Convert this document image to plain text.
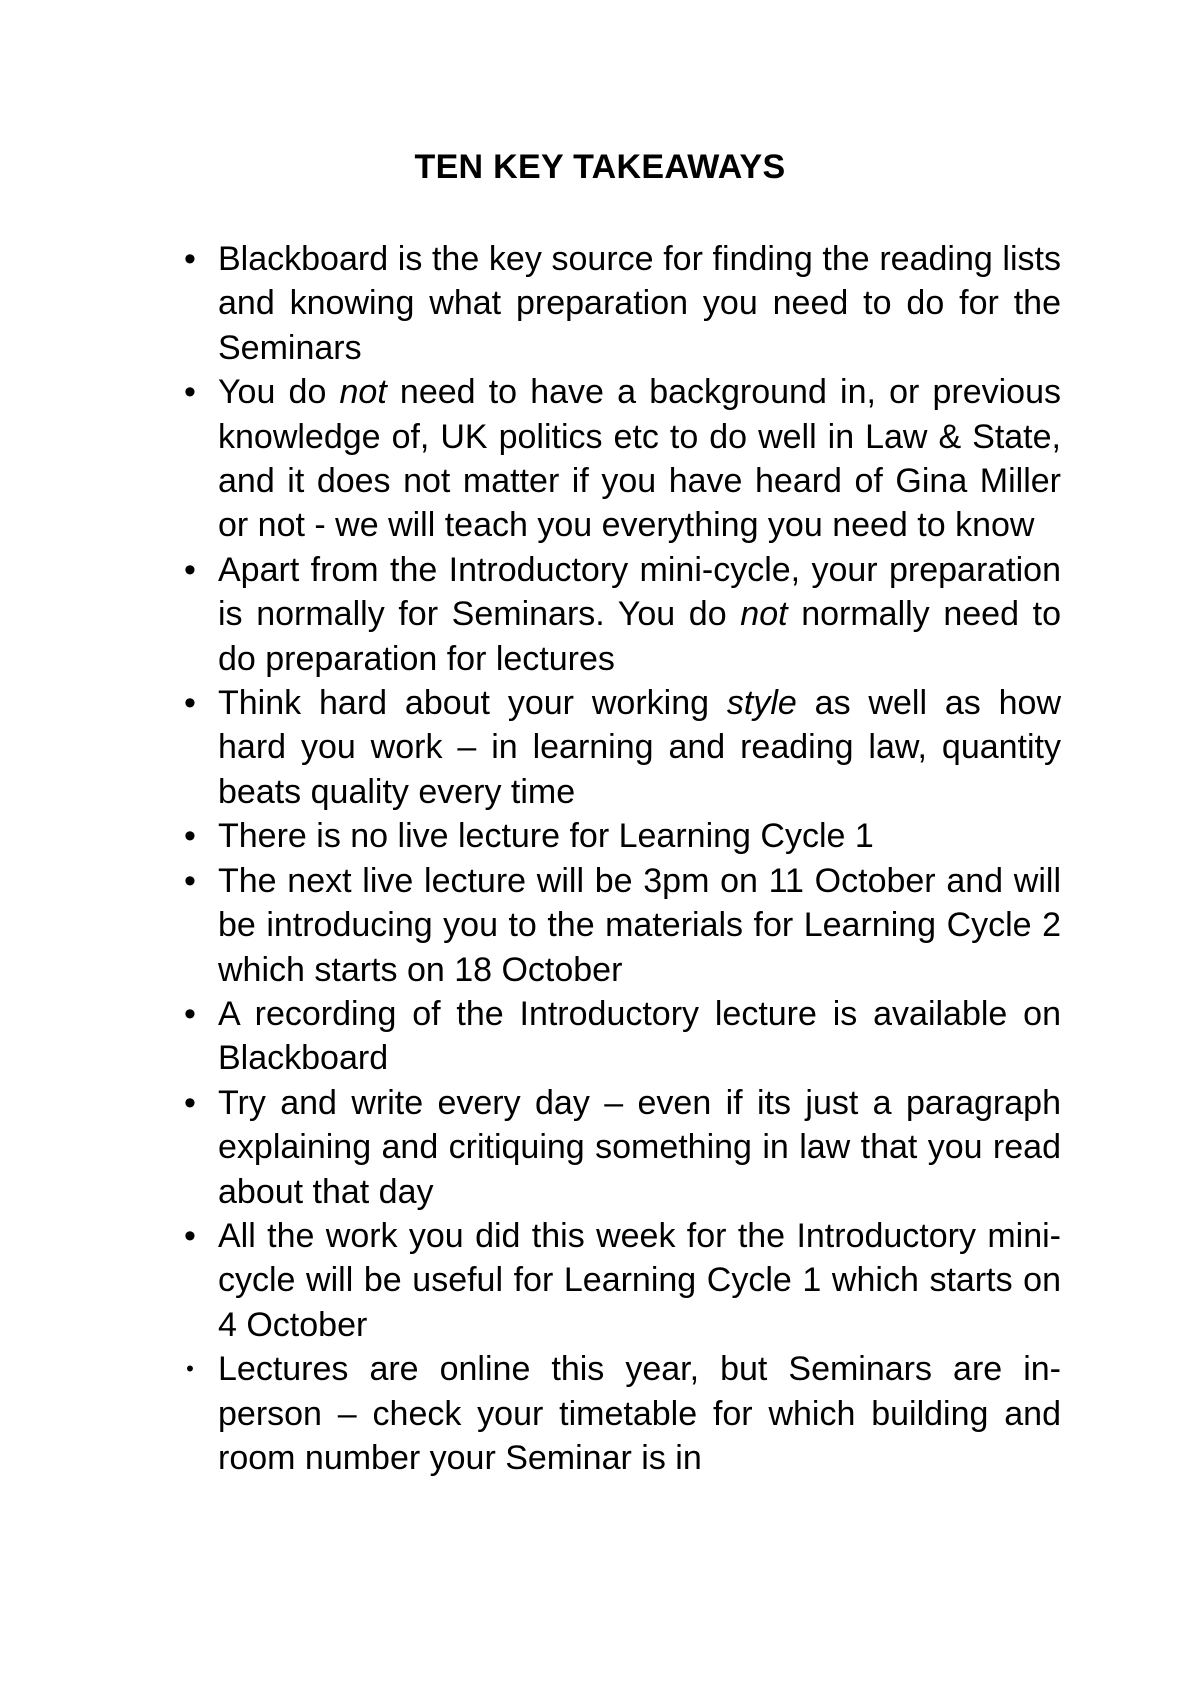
TEN KEY TAKEAWAYS
• Blackboard is the key source for finding the reading lists and knowing what preparation you need to do for the Seminars
• You do not need to have a background in, or previous knowledge of, UK politics etc to do well in Law & State, and it does not matter if you have heard of Gina Miller or not - we will teach you everything you need to know
• Apart from the Introductory mini-cycle, your preparation is normally for Seminars. You do not normally need to do preparation for lectures
• Think hard about your working style as well as how hard you work – in learning and reading law, quantity beats quality every time
• There is no live lecture for Learning Cycle 1
• The next live lecture will be 3pm on 11 October and will be introducing you to the materials for Learning Cycle 2 which starts on 18 October
• A recording of the Introductory lecture is available on Blackboard
• Try and write every day – even if its just a paragraph explaining and critiquing something in law that you read about that day
• All the work you did this week for the Introductory mini-cycle will be useful for Learning Cycle 1 which starts on 4 October
• Lectures are online this year, but Seminars are in-person – check your timetable for which building and room number your Seminar is in
